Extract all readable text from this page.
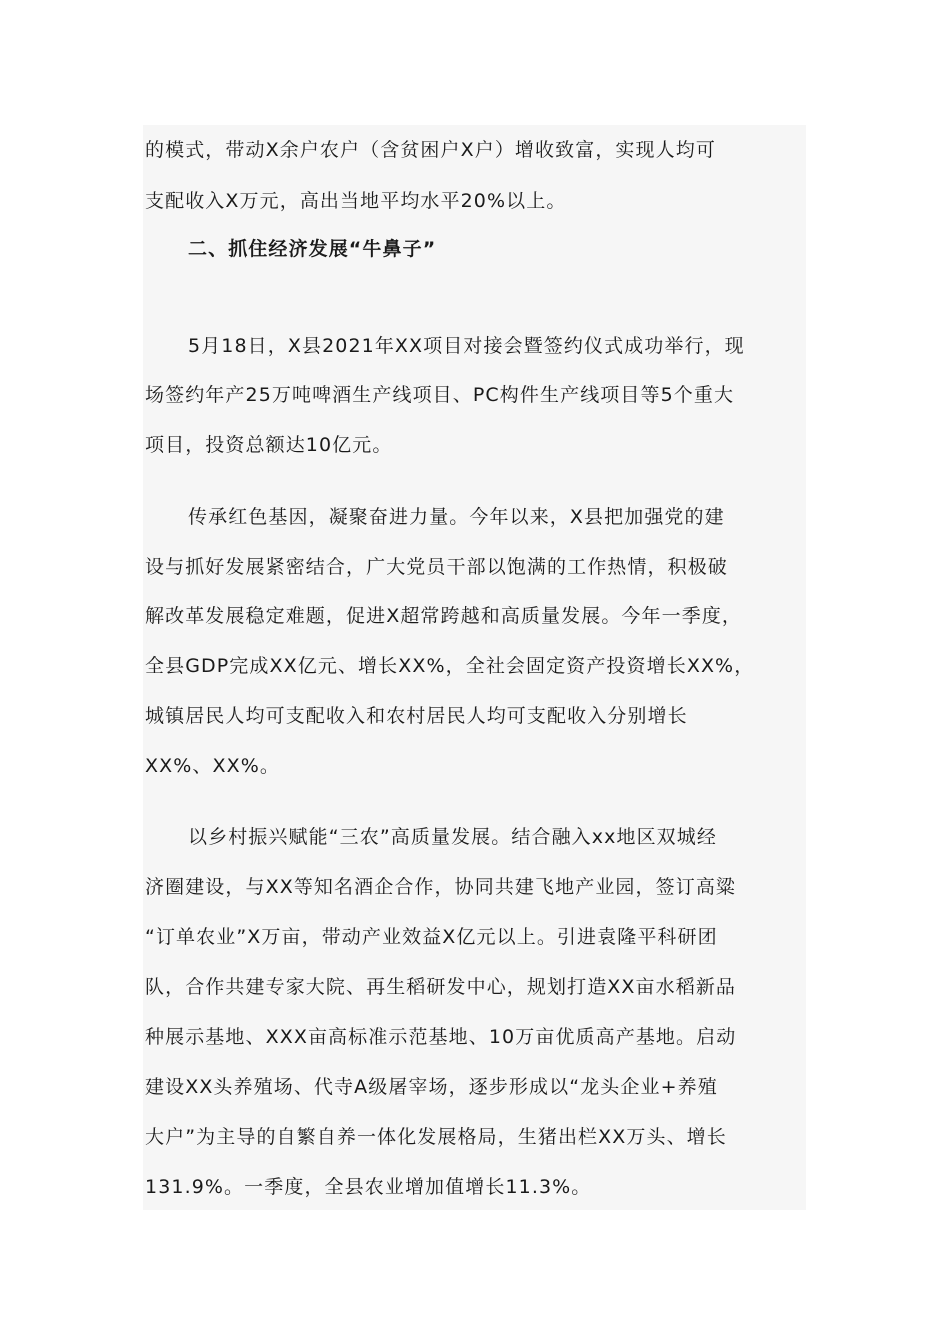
的模式，带动X余户农户（含贫困户X户）增收致富，实现人均可
支配收入X万元，高出当地平均水平20%以上。
二、抓住经济发展“牛鼻子”
5月18日，X县2021年XX项目对接会暨签约仪式成功举行，现
场签约年产25万吨啤酒生产线项目、PC构件生产线项目等5个重大
项目，投资总额达10亿元。
传承红色基因，凝聚奋进力量。今年以来，X县把加强党的建
设与抓好发展紧密结合，广大党员干部以饱满的工作热情，积极破
解改革发展稳定难题，促进X超常跨越和高质量发展。今年一季度，
全县GDP完成XX亿元、增长XX%，全社会固定资产投资增长XX%，
城镇居民人均可支配收入和农村居民人均可支配收入分别增长
XX%、XX%。
以乡村振兴赋能“三农”高质量发展。结合融入xx地区双城经
济圈建设，与XX等知名酒企合作，协同共建飞地产业园，签订高粱
“订单农业”X万亩，带动产业效益X亿元以上。引进袁隆平科研团
队，合作共建专家大院、再生稻研发中心，规划打造XX亩水稻新品
种展示基地、XXX亩高标准示范基地、10万亩优质高产基地。启动
建设XX头养殖场、代寺A级屠宰场，逐步形成以“龙头企业+养殖
大户”为主导的自繁自养一体化发展格局，生猪出栏XX万头、增长
131.9%。一季度，全县农业增加值增长11.3%。
